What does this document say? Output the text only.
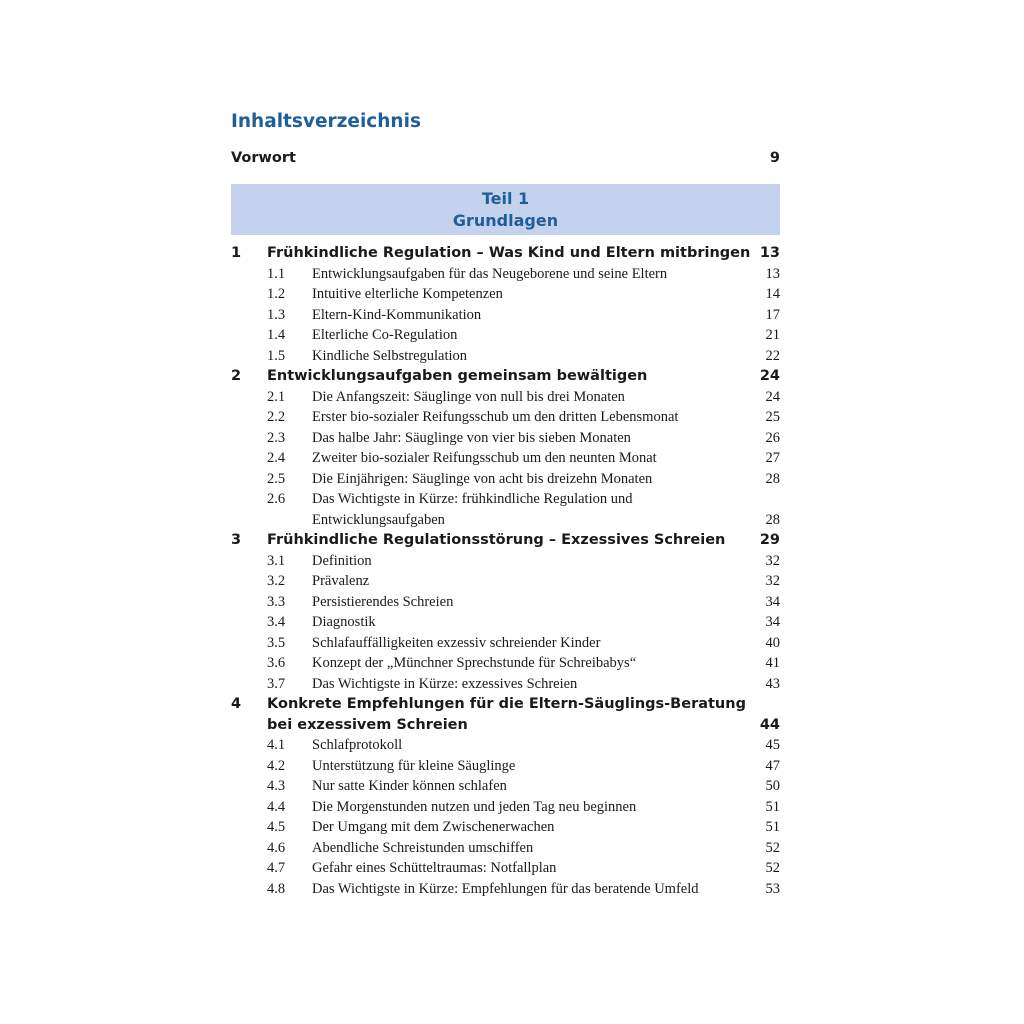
Inhaltsverzeichnis
Vorwort	9
Teil 1
Grundlagen
1	Frühkindliche Regulation – Was Kind und Eltern mitbringen 13
1.1	Entwicklungsaufgaben für das Neugeborene und seine Eltern	13
1.2	Intuitive elterliche Kompetenzen	14
1.3	Eltern-Kind-Kommunikation	17
1.4	Elterliche Co-Regulation	21
1.5	Kindliche Selbstregulation	22
2	Entwicklungsaufgaben gemeinsam bewältigen	24
2.1	Die Anfangszeit: Säuglinge von null bis drei Monaten	24
2.2	Erster bio-sozialer Reifungsschub um den dritten Lebensmonat	25
2.3	Das halbe Jahr: Säuglinge von vier bis sieben Monaten	26
2.4	Zweiter bio-sozialer Reifungsschub um den neunten Monat	27
2.5	Die Einjährigen: Säuglinge von acht bis dreizehn Monaten	28
2.6	Das Wichtigste in Kürze: frühkindliche Regulation und
Entwicklungsaufgaben	28
3	Frühkindliche Regulationsstörung – Exzessives Schreien	29
3.1	Definition	32
3.2	Prävalenz	32
3.3	Persistierendes Schreien	34
3.4	Diagnostik	34
3.5	Schlafauffälligkeiten exzessiv schreiender Kinder	40
3.6	Konzept der „Münchner Sprechstunde für Schreibabys“	41
3.7	Das Wichtigste in Kürze: exzessives Schreien	43
4	Konkrete Empfehlungen für die Eltern-Säuglings-Beratung
bei exzessivem Schreien	44
4.1	Schlafprotokoll	45
4.2	Unterstützung für kleine Säuglinge	47
4.3	Nur satte Kinder können schlafen	50
4.4	Die Morgenstunden nutzen und jeden Tag neu beginnen	51
4.5	Der Umgang mit dem Zwischenerwachen	51
4.6	Abendliche Schreistunden umschiffen	52
4.7	Gefahr eines Schütteltraumas: Notfallplan	52
4.8	Das Wichtigste in Kürze: Empfehlungen für das beratende Umfeld	53
